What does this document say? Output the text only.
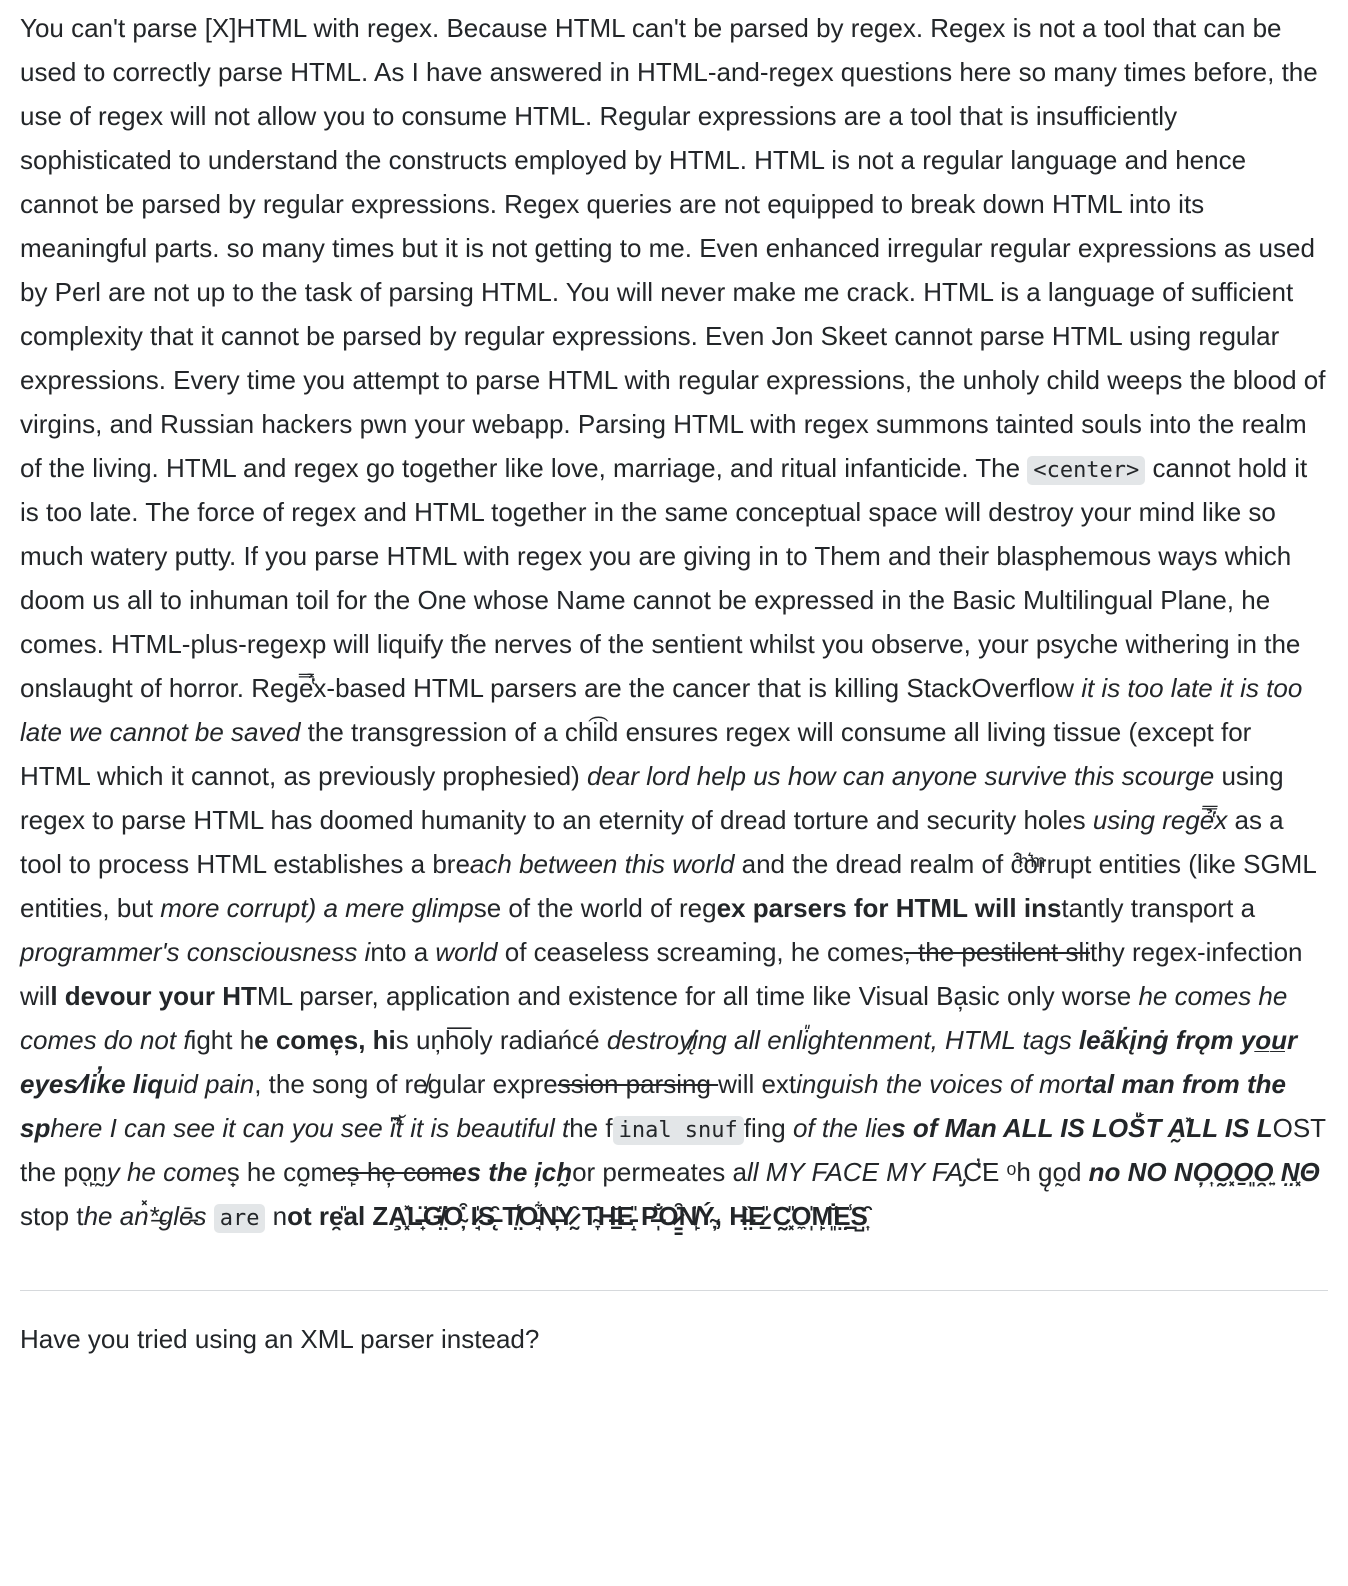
You can't parse [X]HTML with regex. Because HTML can't be parsed by regex. Regex is not a tool that can be used to correctly parse HTML. As I have answered in HTML-and-regex questions here so many times before, the use of regex will not allow you to consume HTML. Regular expressions are a tool that is insufficiently sophisticated to understand the constructs employed by HTML. HTML is not a regular language and hence cannot be parsed by regular expressions. Regex queries are not equipped to break down HTML into its meaningful parts. so many times but it is not getting to me. Even enhanced irregular regular expressions as used by Perl are not up to the task of parsing HTML. You will never make me crack. HTML is a language of sufficient complexity that it cannot be parsed by regular expressions. Even Jon Skeet cannot parse HTML using regular expressions. Every time you attempt to parse HTML with regular expressions, the unholy child weeps the blood of virgins, and Russian hackers pwn your webapp. Parsing HTML with regex summons tainted souls into the realm of the living. HTML and regex go together like love, marriage, and ritual infanticide. The <center> cannot hold it is too late. The force of regex and HTML together in the same conceptual space will destroy your mind like so much watery putty. If you parse HTML with regex you are giving in to Them and their blasphemous ways which doom us all to inhuman toil for the One whose Name cannot be expressed in the Basic Multilingual Plane, he comes. HTML-plus-regexp will liquify th̆e nerves of the sentient whilst you observe, your psyche withering in the onslaught of horror. Rege̿̔̉x-based HTML parsers are the cancer that is killing StackOverflow it is too late it is too late we cannot be saved the transgression of a chi͡ld ensures regex will consume all living tissue (except for HTML which it cannot, as previously prophesied) dear lord help us how can anyone survive this scourge using regex to parse HTML has doomed humanity to an eternity of dread torture and security holes using rege̿̔̉x as a tool to process HTML establishes a breach between this world and the dread realm of c͒ͪo͛ͫrrupt entities (like SGML entities, but more corrupt) a mere glimpse of the world of regex parsers for HTML will instantly transport a programmer's consciousness into a world of ceaseless screaming, he comes, the pestilent slithy regex-infection will devour your HTML parser, application and existence for all time like Visual Ba̦sic only worse he comes he comes do not fight he come̦s, his uņh͞oly radiańcé destroy̸̨ing all enli̎ghtenment, HTML tags leãk̇įnġ frǫm yo̲u̲r eyes⁄li̕ke liquid pain, the song of re̸gular expression parsing will extinguish the voices of mortal man from the sphere I can see it can you see i̛͆t̆ it is beautiful the f inal snuf fing of the lies of Man ALL IS LOŚ̎T A̰̽LL IS LOST the po̖̙n̰y he comes̟ he co̰mes̙ he̦ comes the i̦ch̰or permeates all MY FACE MY FA̡C̛̈E ᵒh g̨o̰d no NO NO̦͎O̰͓O̱͈O̯͍ N̤͓Θ stop the an̽*̶glē̵s are not re̯̎al ZA̧͓̽L̶̟̈G̸̤̈O̴̦͒ I̷̘̍S̶̨̑ T̸̤̾O̵̘͋N̶̦̍Y̷̰̑ T̴̞̑H̶̠̆E̵̝̎ P̶̩̐O̷̳͒N̸̙̈Ý̴̦, H̶̤̏E̷̠̎ C̰͓̎O̼̩̍M̙͈̐E̤̠̾S̺͎̑

Have you tried using an XML parser instead?
